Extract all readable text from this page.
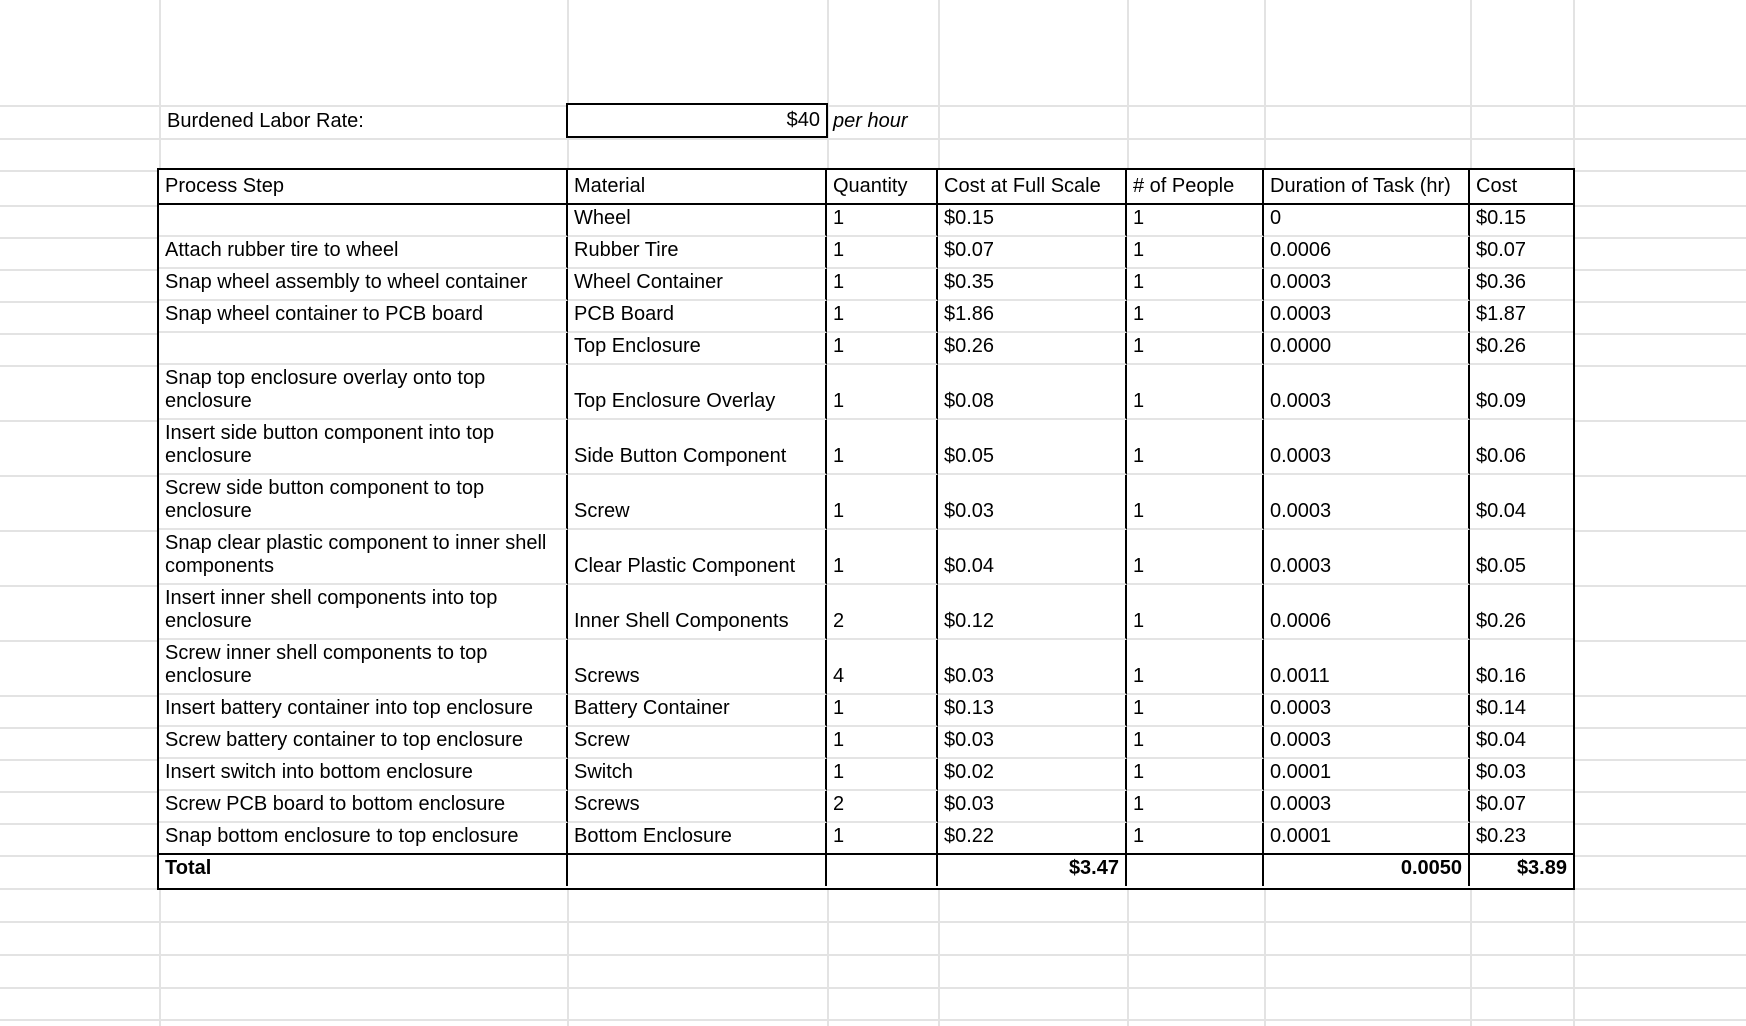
Burdened Labor Rate:	$40 per hour
Process Step	Material	Quantity	Cost at Full Scale	# of People	Duration of Task (hr)	Cost
	Wheel	1	$0.15	1	0	$0.15
Attach rubber tire to wheel	Rubber Tire	1	$0.07	1	0.0006	$0.07
Snap wheel assembly to wheel container	Wheel Container	1	$0.35	1	0.0003	$0.36
Snap wheel container to PCB board	PCB Board	1	$1.86	1	0.0003	$1.87
	Top Enclosure	1	$0.26	1	0.0000	$0.26
Snap top enclosure overlay onto top enclosure	Top Enclosure Overlay	1	$0.08	1	0.0003	$0.09
Insert side button component into top enclosure	Side Button Component	1	$0.05	1	0.0003	$0.06
Screw side button component to top enclosure	Screw	1	$0.03	1	0.0003	$0.04
Snap clear plastic component to inner shell components	Clear Plastic Component	1	$0.04	1	0.0003	$0.05
Insert inner shell components into top enclosure	Inner Shell Components	2	$0.12	1	0.0006	$0.26
Screw inner shell components to top enclosure	Screws	4	$0.03	1	0.0011	$0.16
Insert battery container into top enclosure	Battery Container	1	$0.13	1	0.0003	$0.14
Screw battery container to top enclosure	Screw	1	$0.03	1	0.0003	$0.04
Insert switch into bottom enclosure	Switch	1	$0.02	1	0.0001	$0.03
Screw PCB board to bottom enclosure	Screws	2	$0.03	1	0.0003	$0.07
Snap bottom enclosure to top enclosure	Bottom Enclosure	1	$0.22	1	0.0001	$0.23
Total			$3.47		0.0050	$3.89
